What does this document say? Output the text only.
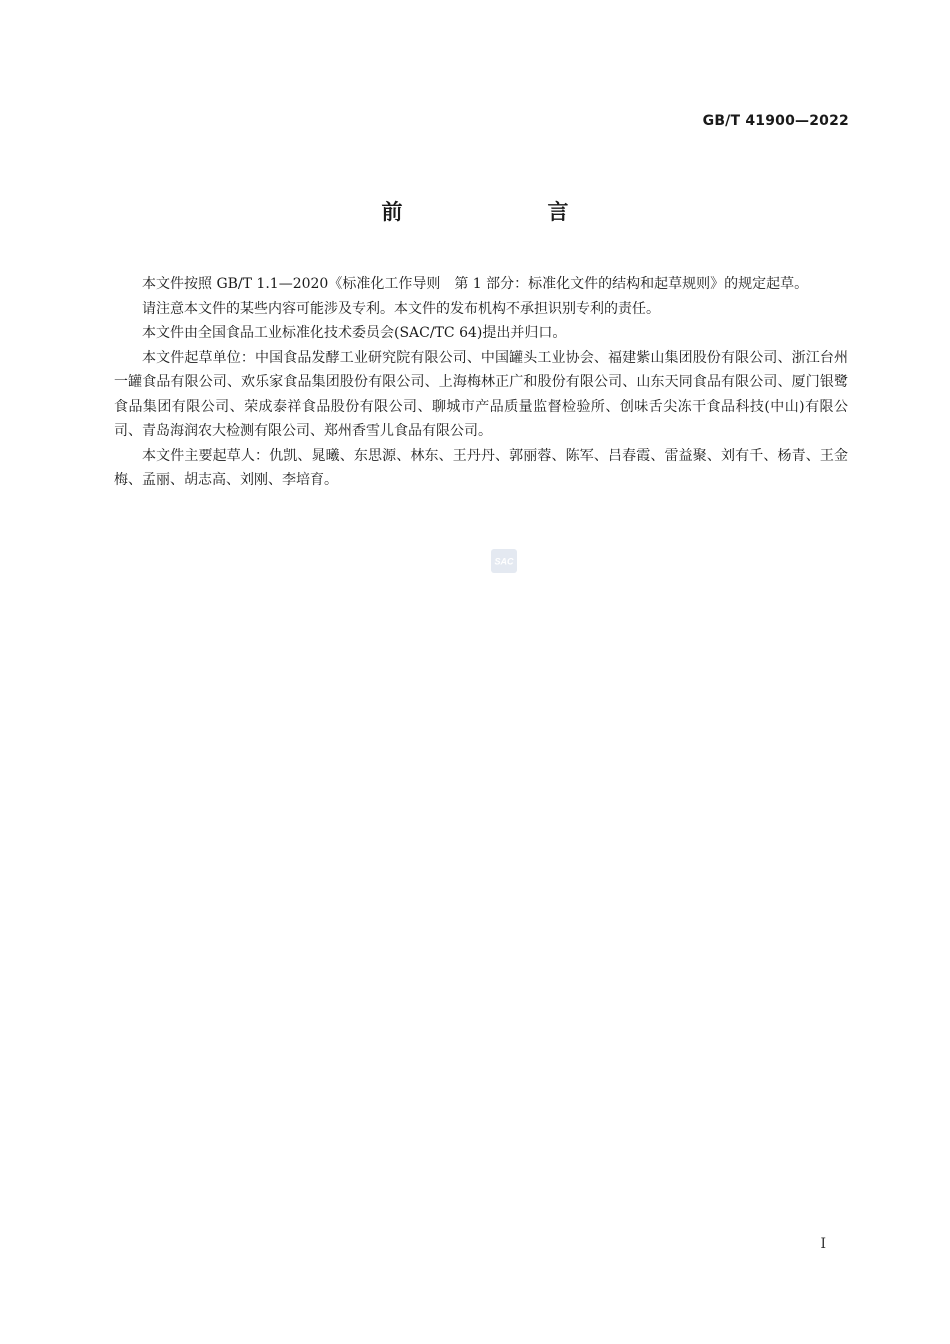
GB/T 41900—2022
前　言

本文件按照 GB/T 1.1—2020《标准化工作导则　第 1 部分：标准化文件的结构和起草规则》的规定起草。

请注意本文件的某些内容可能涉及专利。本文件的发布机构不承担识别专利的责任。

本文件由全国食品工业标准化技术委员会(SAC/TC 64)提出并归口。

本文件起草单位：中国食品发酵工业研究院有限公司、中国罐头工业协会、福建紫山集团股份有限公司、浙江台州一罐食品有限公司、欢乐家食品集团股份有限公司、上海梅林正广和股份有限公司、山东天同食品有限公司、厦门银鹭食品集团有限公司、荣成泰祥食品股份有限公司、聊城市产品质量监督检验所、创味舌尖冻干食品科技(中山)有限公司、青岛海润农大检测有限公司、郑州香雪儿食品有限公司。

本文件主要起草人：仇凯、晁曦、东思源、林东、王丹丹、郭丽蓉、陈军、吕春霞、雷益聚、刘有千、杨青、王金梅、孟丽、胡志高、刘刚、李培育。

SAC
I
